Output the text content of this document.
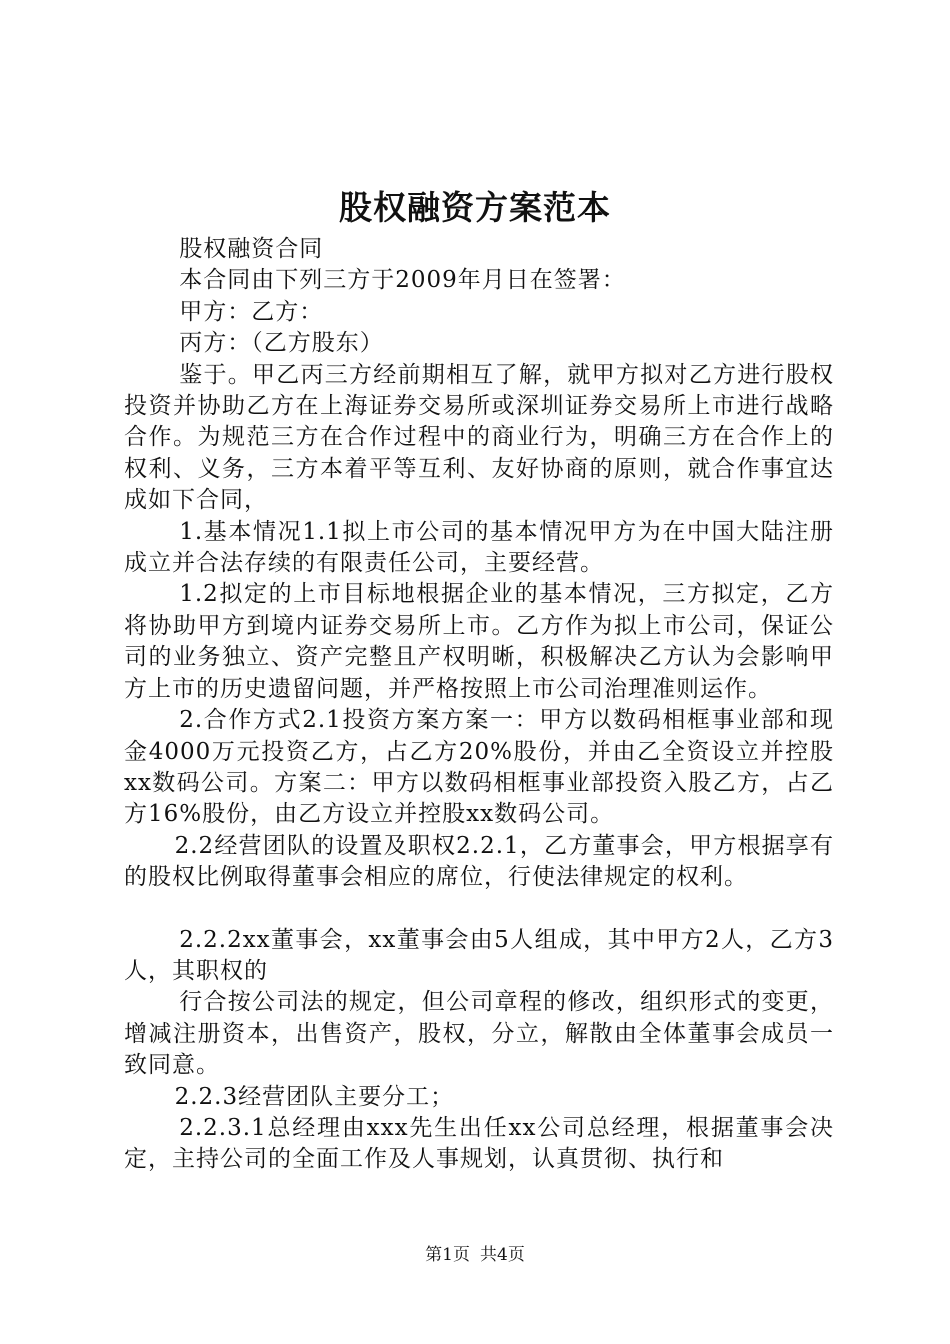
股权融资方案范本

股权融资合同

本合同由下列三方于2009年月日在签署：

甲方：乙方：

丙方：（乙方股东）

鉴于。甲乙丙三方经前期相互了解，就甲方拟对乙方进行股权投资并协助乙方在上海证券交易所或深圳证券交易所上市进行战略合作。为规范三方在合作过程中的商业行为，明确三方在合作上的权利、义务，三方本着平等互利、友好协商的原则，就合作事宜达成如下合同，

1.基本情况1.1拟上市公司的基本情况甲方为在中国大陆注册成立并合法存续的有限责任公司，主要经营。

1.2拟定的上市目标地根据企业的基本情况，三方拟定，乙方将协助甲方到境内证券交易所上市。乙方作为拟上市公司，保证公司的业务独立、资产完整且产权明晰，积极解决乙方认为会影响甲方上市的历史遗留问题，并严格按照上市公司治理准则运作。

2.合作方式2.1投资方案方案一：甲方以数码相框事业部和现金4000万元投资乙方，占乙方20%股份，并由乙全资设立并控股xx数码公司。方案二：甲方以数码相框事业部投资入股乙方，占乙方16%股份，由乙方设立并控股xx数码公司。

2.2经营团队的设置及职权2.2.1，乙方董事会，甲方根据享有的股权比例取得董事会相应的席位，行使法律规定的权利。

2.2.2xx董事会，xx董事会由5人组成，其中甲方2人，乙方3人，其职权的

行合按公司法的规定，但公司章程的修改，组织形式的变更，增减注册资本，出售资产，股权，分立，解散由全体董事会成员一致同意。

2.2.3经营团队主要分工；

2.2.3.1总经理由xxx先生出任xx公司总经理，根据董事会决定，主持公司的全面工作及人事规划，认真贯彻、执行和

第1页 共4页
